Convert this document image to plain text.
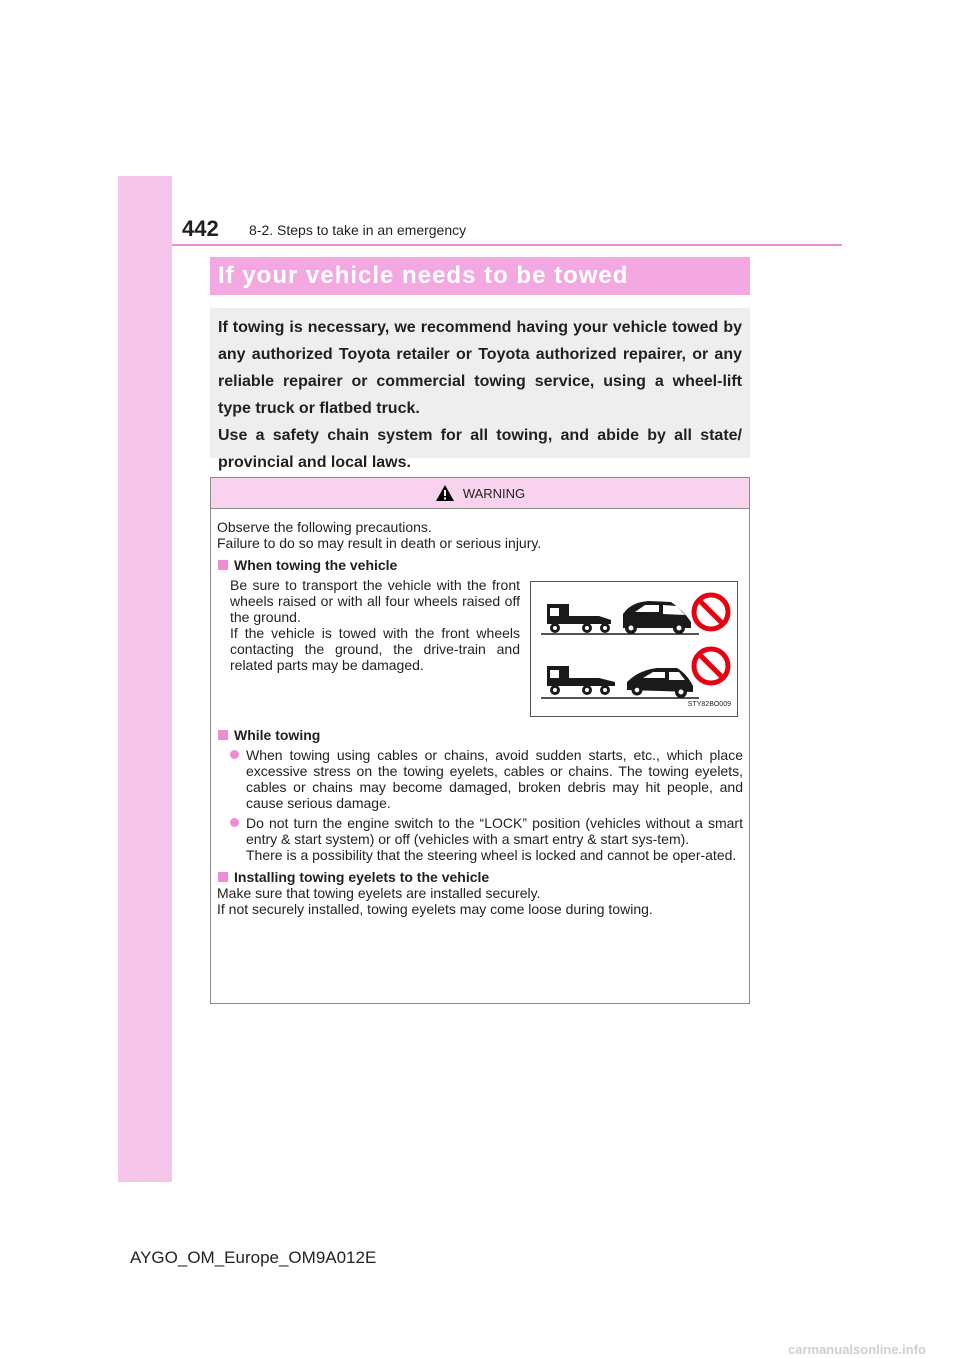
442 8-2. Steps to take in an emergency
If your vehicle needs to be towed

If towing is necessary, we recommend having your vehicle towed by any authorized Toyota retailer or Toyota authorized repairer, or any reliable repairer or commercial towing service, using a wheel-lift type truck or flatbed truck.

Use a safety chain system for all towing, and abide by all state/ provincial and local laws.

WARNING

Observe the following precautions.

Failure to do so may result in death or serious injury.

When towing the vehicle

Be sure to transport the vehicle with the front wheels raised or with all four wheels raised off the ground.

If the vehicle is towed with the front wheels contacting the ground, the drive-train and related parts may be damaged.

STY82BO009
While towing
When towing using cables or chains, avoid sudden starts, etc., which place excessive stress on the towing eyelets, cables or chains. The towing eyelets, cables or chains may become damaged, broken debris may hit people, and cause serious damage.

Do not turn the engine switch to the “LOCK” position (vehicles without a smart entry & start system) or off (vehicles with a smart entry & start sys-tem).

There is a possibility that the steering wheel is locked and cannot be oper-ated.

Installing towing eyelets to the vehicle

Make sure that towing eyelets are installed securely.

If not securely installed, towing eyelets may come loose during towing.

AYGO_OM_Europe_OM9A012E
carmanualsonline.info
